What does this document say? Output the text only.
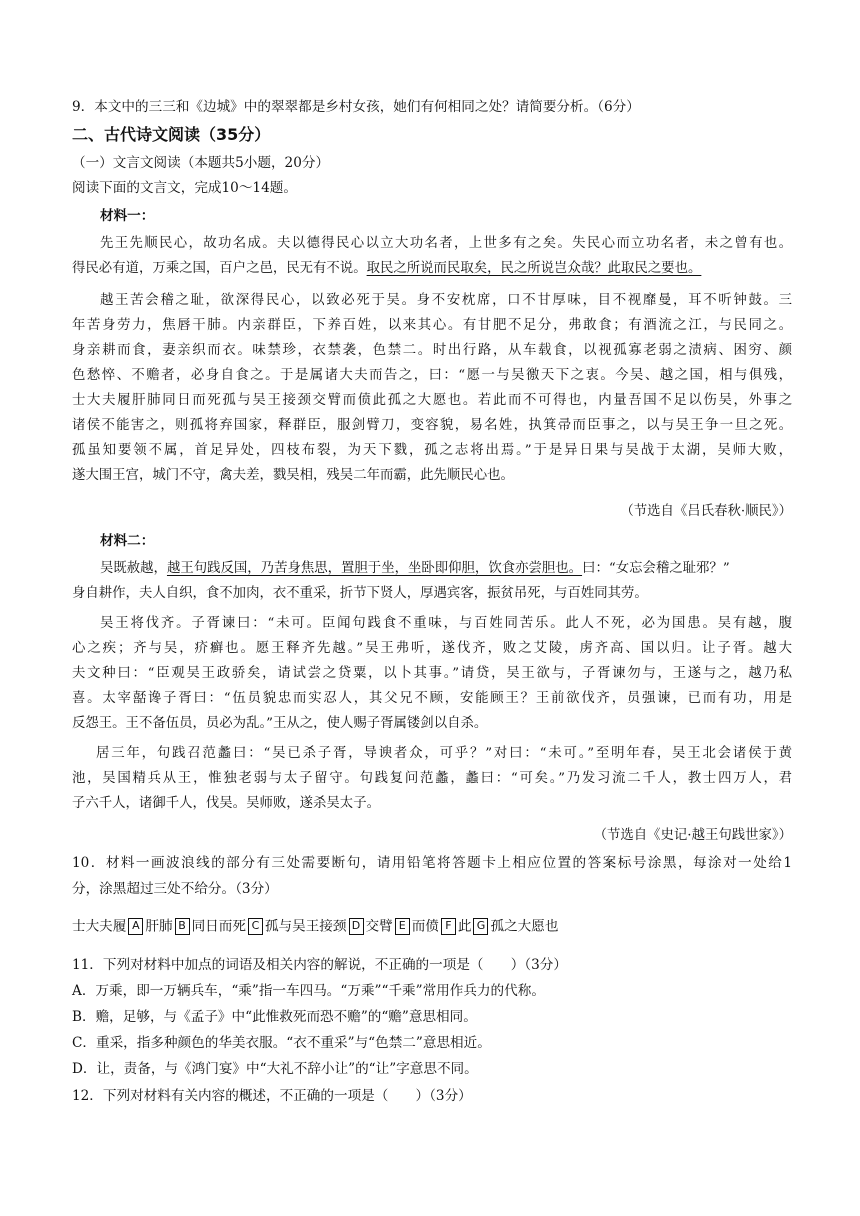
9．本文中的三三和《边城》中的翠翠都是乡村女孩，她们有何相同之处？请简要分析。（6分）
二、古代诗文阅读（35分）
（一）文言文阅读（本题共5小题，20分）
阅读下面的文言文，完成10～14题。
材料一：
先王先顺民心，故功名成。夫以德得民心以立大功名者，上世多有之矣。失民心而立功名者，未之曾有也。
得民必有道，万乘之国，百户之邑，民无有不说。取民之所说而民取矣，民之所说岂众哉？此取民之要也。
越王苦会稽之耻，欲深得民心，以致必死于吴。身不安枕席，口不甘厚味，目不视靡曼，耳不听钟鼓。三
年苦身劳力，焦唇干肺。内亲群臣，下养百姓，以来其心。有甘肥不足分，弗敢食；有酒流之江，与民同之。
身亲耕而食，妻亲织而衣。味禁珍，衣禁袭，色禁二。时出行路，从车载食，以视孤寡老弱之渍病、困穷、颜
色愁悴、不赡者，必身自食之。于是属诸大夫而告之，曰：“愿一与吴徼天下之衷。今吴、越之国，相与俱残，
士大夫履肝肺同日而死孤与吴王接颈交臂而偾此孤之大愿也。若此而不可得也，内量吾国不足以伤吴，外事之
诸侯不能害之，则孤将弃国家，释群臣，服剑臂刀，变容貌，易名姓，执箕帚而臣事之，以与吴王争一旦之死。
孤虽知要领不属，首足异处，四枝布裂，为天下戮，孤之志将出焉。”于是异日果与吴战于太湖，吴师大败，
遂大围王宫，城门不守，禽夫差，戮吴相，残吴二年而霸，此先顺民心也。
（节选自《吕氏春秋·顺民》）
材料二：
吴既赦越，越王句践反国，乃苦身焦思，置胆于坐，坐卧即仰胆，饮食亦尝胆也。曰：“女忘会稽之耻邪？”
身自耕作，夫人自织，食不加肉，衣不重采，折节下贤人，厚遇宾客，振贫吊死，与百姓同其劳。
吴王将伐齐。子胥谏曰：“未可。臣闻句践食不重味，与百姓同苦乐。此人不死，必为国患。吴有越，腹
心之疾；齐与吴，疥癣也。愿王释齐先越。”吴王弗听，遂伐齐，败之艾陵，虏齐高、国以归。让子胥。越大
夫文种曰：“臣观吴王政骄矣，请试尝之贷粟，以卜其事。”请贷，吴王欲与，子胥谏勿与，王遂与之，越乃私
喜。太宰嚭谗子胥曰：“伍员貌忠而实忍人，其父兄不顾，安能顾王？王前欲伐齐，员强谏，已而有功，用是
反怨王。王不备伍员，员必为乱。”王从之，使人赐子胥属镂剑以自杀。
居三年，句践召范蠡曰：“吴已杀子胥，导谀者众，可乎？”对曰：“未可。”至明年春，吴王北会诸侯于黄
池，吴国精兵从王，惟独老弱与太子留守。句践复问范蠡，蠡曰：“可矣。”乃发习流二千人，教士四万人，君
子六千人，诸御千人，伐吴。吴师败，遂杀吴太子。
（节选自《史记·越王句践世家》）
10．材料一画波浪线的部分有三处需要断句，请用铅笔将答题卡上相应位置的答案标号涂黑，每涂对一处给1
分，涂黑超过三处不给分。（3分）
士大夫履 A 肝肺 B 同日而死 C 孤与吴王接颈 D 交臂 E 而偾 F 此 G 孤之大愿也
11．下列对材料中加点的词语及相关内容的解说，不正确的一项是（　　）（3分）
A．万乘，即一万辆兵车，“乘”指一车四马。“万乘”“千乘”常用作兵力的代称。
B．赡，足够，与《孟子》中“此惟救死而恐不赡”的“赡”意思相同。
C．重采，指多种颜色的华美衣服。“衣不重采”与“色禁二”意思相近。
D．让，责备，与《鸿门宴》中“大礼不辞小让”的“让”字意思不同。
12．下列对材料有关内容的概述，不正确的一项是（　　）（3分）
